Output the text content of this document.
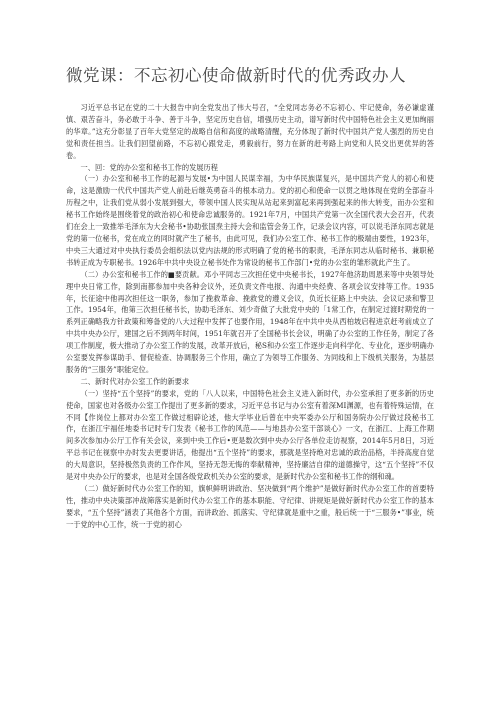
微党课：不忘初心使命做新时代的优秀政办人

习近平总书记在党的二十大报告中向全党发出了伟大号召，“全党同志务必不忘初心、牢记使命，务必谦虚谨慎、艰苦奋斗，务必敢于斗争、善于斗争，坚定历史自信，增强历史主动，谱写新时代中国特色社会主义更加绚丽的华章。”这充分彰显了百年大党坚定的战略自信和高度的战略清醒，充分体现了新时代中国共产党人强烈的历史自觉和责任担当。让我们回望前路，不忘初心跟党走，勇毅前行，努力在新的赶考路上向党和人民交出更优异的答卷。

一、回：党的办公室和秘书工作的发展历程

（一）办公室和秘书工作的起源与发展•为中国人民谋幸福，为中华民族谋复兴，是中国共产党人的初心和使命，这是激励一代代中国共产党人前赴后继英勇奋斗的根本动力。党的初心和使命一以贯之地体现在党的全部奋斗历程之中，让我们党从弱小发展到强大，带领中国人民实现从站起来到富起来再到强起来的伟大转变，而办公室和秘书工作始终是围绕着党的政治初心和使命忠诚服务的。1921年7月，中国共产党第一次全国代表大会召开，代表们在会上一致推举毛泽东为大会秘书•协助张国焘主持大会和监管会务工作，记录会议内容，可以说毛泽东同志就是党的第一位秘书，党在成立的同时就产生了秘书，由此可见，我们办公室工作、秘书工作的极端由要性，1923年，中央三大通过对中央执行委员会组织法以党内法规的形式明确了党的秘书的职责，毛泽东同志从临时秘书、兼职秘书转正成为专职秘书。1926年中共中央设立秘书处作为常设的秘书工作部门•党的办公室的雏形就此产生了。

（二）办公室和秘书工作的■要贡献。邓小平同志三次担任党中央秘书长，1927年他济助周恩来等中央领导处理中央日常工作，除到南都参加中央各种会议外，还负责文件电报、沟通中央经费、各项会议安排等工作。1935年，长征途中他再次担任这一职务，参加了挽救革命、挽救党的遵义会议，负近长征路上中央法、会议记录和警卫工作。1954年，他第三次担任秘书长，协助毛泽东、刘少奇做了大批党中央的「1常工作，在制定过渡时期党的一系列正确略我方针政策和筹备党的八大过程中发挥了也要作用，1948年在中共中央从西柏坡启程进京赶考前成立了中共中央办公厅，建国之后不到两年时间，1951年就召开了全国秘书长会议，明确了办公室的工作任务，制定了各项工作制度，极大推动了办公室工作的发展，改革开放后，秘S和办公室工作逐步走向科学化、专业化，逐步明确办公室要发挥参谋助手、督促检查、协调服务三个作用，确立了为领导工作服务、为同线和上下级机关服务，为基层服务的“三服务”职能定位。

二、新时代对办公室工作的新要求

（一）坚持“五个坚持”的要求，党的「八人以来，中国特色社会主义进入新时代，办公室承担了更多新的历史使命，国家也对各级办公室工作提出了更多新的要求，习近平总书记与办公室有着深MI渊源，也有着特殊运情，在不同【作岗位上都对办公室工作做过相辟论述，他大学毕业后曾在中央军委办公厅和国务院办公厅做过段秘书工作，在浙江宇福任地委书记时专门发表《秘书工作的风范——与地县办公室干部谈心》一文，在浙江、上海工作期间多次参加办公厅工作有关会议，来到中央工作后•更是数次到中央办公厅各单位走访视察，2014年5月8日，习近平总书记在视察中办时发去更要讲话，他提出“五个坚持”的要求，那就是坚持绝对忠诚的政治品格，半持高度自觉的大局意识，坚持极然负责的工作作风，坚持无怨无悔的奉献精神，坚持廉洁自律的道德操守，这“五个坚持”不仅是对中央办公厅的要求，也是对全国各级党政机关办公室的要求，是新时代办公室和秘书工作的纲和魂。

（二）做好新时代办公室工作的知，旗帜鲜明讲政治、坚决做到“两个维护”是做好新时代办公室工作的首要特性，推动中央决策部冲战筛落实是新时代办公室工作的基本职能、守纪律、讲规矩是做好新时代办公室工作的基本要求，“五个坚持”涵表了其他各个方面，而讲政治、抓落实、守纪律就是重中之重，般后统一于“三服务•”事业，统一于党的中心工作，统一于党的初心
